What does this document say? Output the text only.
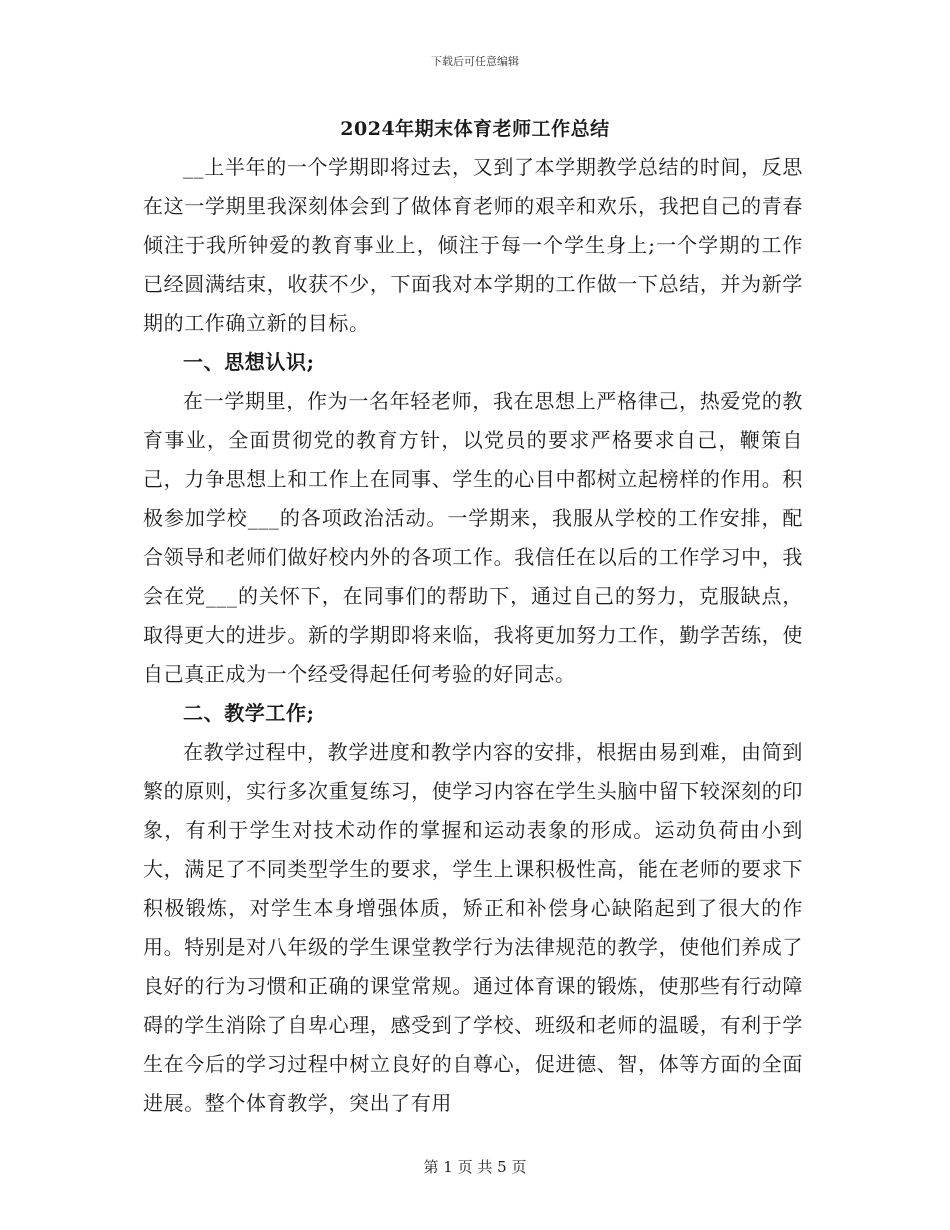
下载后可任意编辑
2024年期末体育老师工作总结

__上半年的一个学期即将过去，又到了本学期教学总结的时间，反思在这一学期里我深刻体会到了做体育老师的艰辛和欢乐，我把自己的青春倾注于我所钟爱的教育事业上，倾注于每一个学生身上;一个学期的工作已经圆满结束，收获不少，下面我对本学期的工作做一下总结，并为新学期的工作确立新的目标。

一、思想认识;

在一学期里，作为一名年轻老师，我在思想上严格律己，热爱党的教育事业，全面贯彻党的教育方针，以党员的要求严格要求自己，鞭策自己，力争思想上和工作上在同事、学生的心目中都树立起榜样的作用。积极参加学校___的各项政治活动。一学期来，我服从学校的工作安排，配合领导和老师们做好校内外的各项工作。我信任在以后的工作学习中，我会在党___的关怀下，在同事们的帮助下，通过自己的努力，克服缺点，取得更大的进步。新的学期即将来临，我将更加努力工作，勤学苦练，使自己真正成为一个经受得起任何考验的好同志。

二、教学工作;

在教学过程中，教学进度和教学内容的安排，根据由易到难，由简到繁的原则，实行多次重复练习，使学习内容在学生头脑中留下较深刻的印象，有利于学生对技术动作的掌握和运动表象的形成。运动负荷由小到大，满足了不同类型学生的要求，学生上课积极性高，能在老师的要求下积极锻炼，对学生本身增强体质，矫正和补偿身心缺陷起到了很大的作用。特别是对八年级的学生课堂教学行为法律规范的教学，使他们养成了良好的行为习惯和正确的课堂常规。通过体育课的锻炼，使那些有行动障碍的学生消除了自卑心理，感受到了学校、班级和老师的温暖，有利于学生在今后的学习过程中树立良好的自尊心，促进德、智，体等方面的全面进展。整个体育教学，突出了有用

第 1 页 共 5 页
